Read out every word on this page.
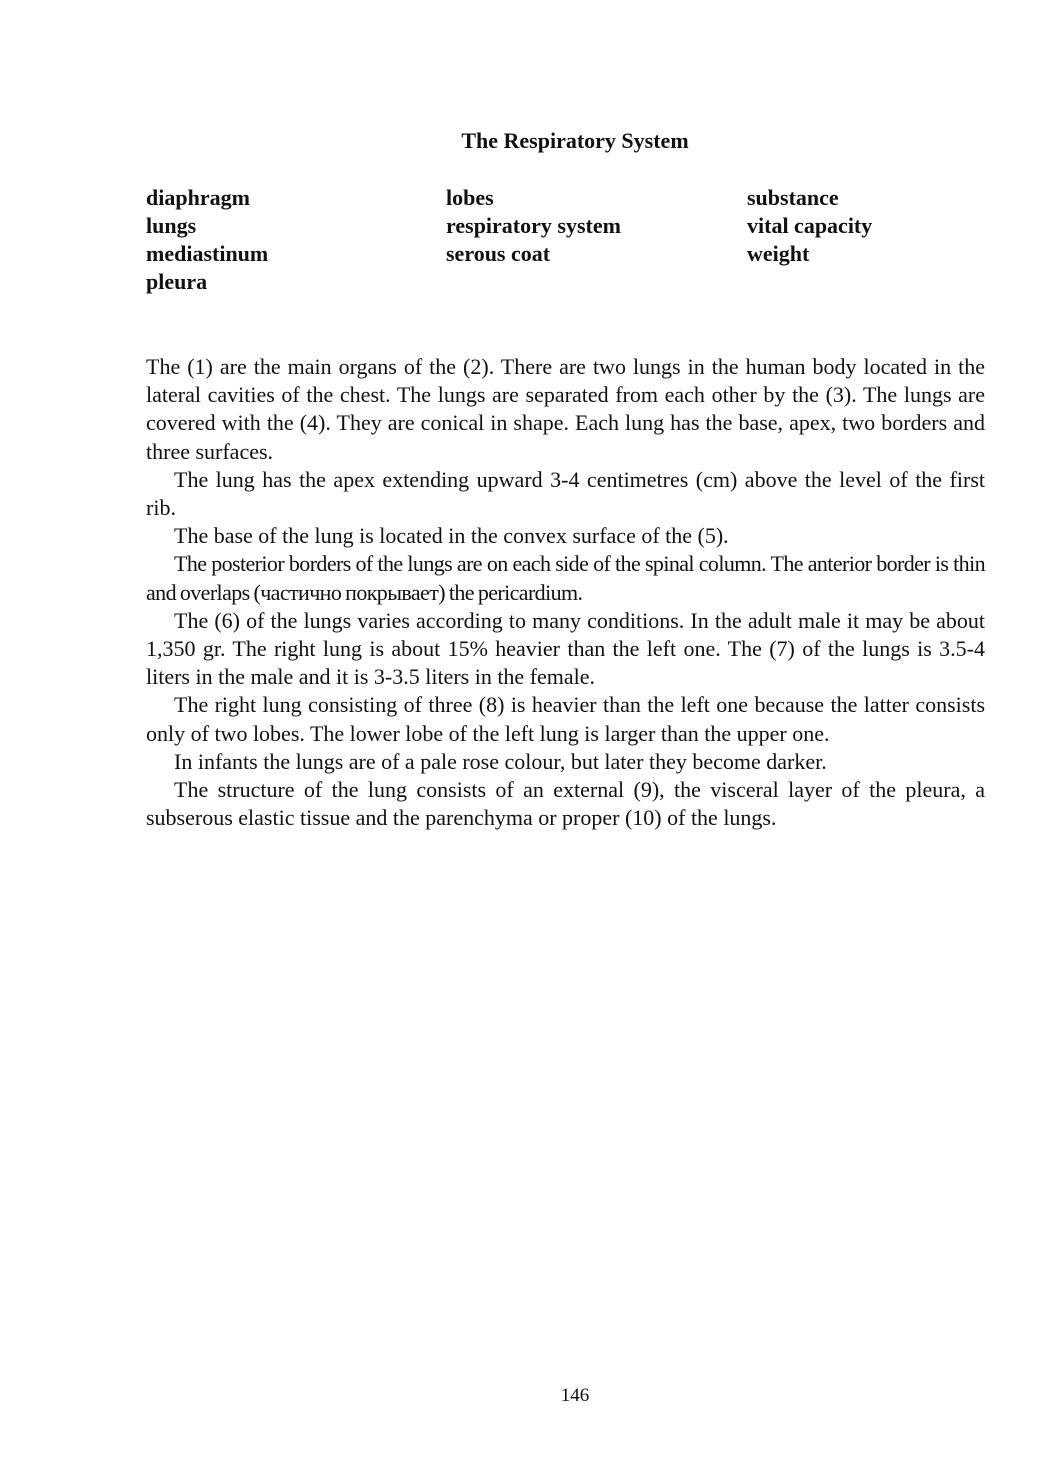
The Respiratory System
diaphragm
lungs
mediastinum
pleura
lobes
respiratory system
serous coat
substance
vital capacity
weight

The (1) are the main organs of the (2). There are two lungs in the human body located in the lateral cavities of the chest. The lungs are separated from each other by the (3). The lungs are covered with the (4). They are conical in shape. Each lung has the base, apex, two borders and three surfaces.

The lung has the apex extending upward 3-4 centimetres (cm) above the level of the first rib.

The base of the lung is located in the convex surface of the (5).

The posterior borders of the lungs are on each side of the spinal column. The anterior border is thin and overlaps (частично покрывает) the pericardium.

The (6) of the lungs varies according to many conditions. In the adult male it may be about 1,350 gr. The right lung is about 15% heavier than the left one. The (7) of the lungs is 3.5-4 liters in the male and it is 3-3.5 liters in the female.

The right lung consisting of three (8) is heavier than the left one because the latter consists only of two lobes. The lower lobe of the left lung is larger than the upper one.

In infants the lungs are of a pale rose colour, but later they become darker.

The structure of the lung consists of an external (9), the visceral layer of the pleura, a subserous elastic tissue and the parenchyma or proper (10) of the lungs.

146
